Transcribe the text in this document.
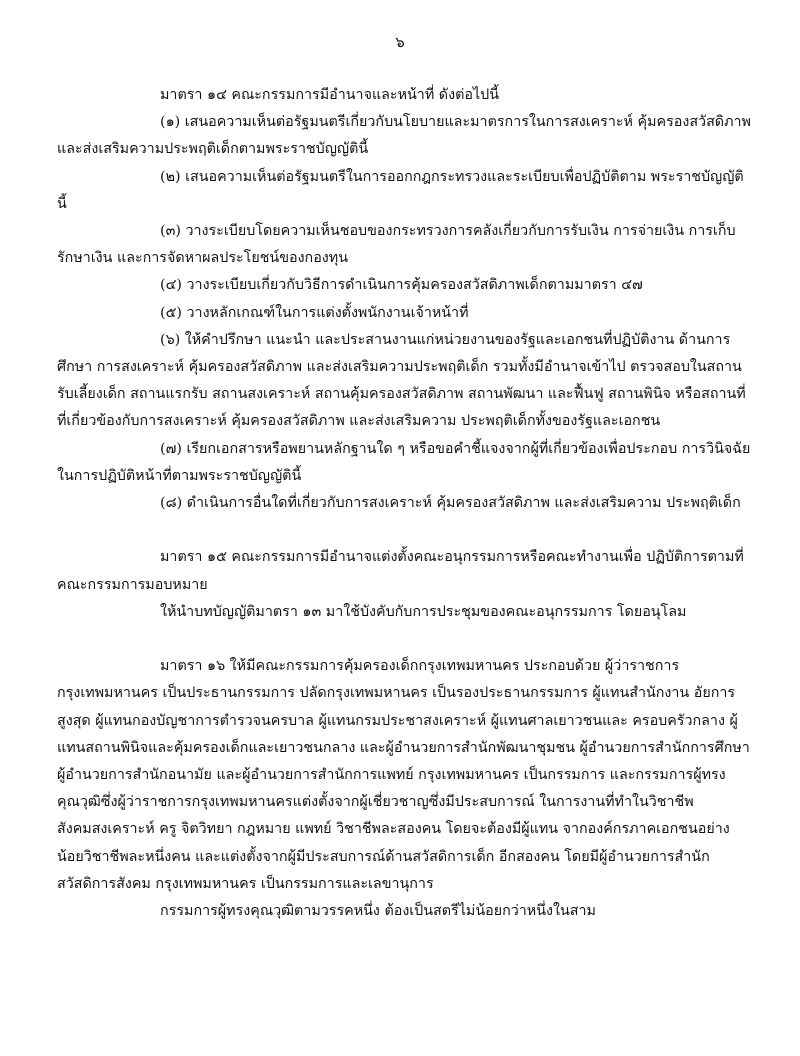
๖

มาตรา ๑๔ คณะกรรมการมีอำนาจและหน้าที่ ดังต่อไปนี้

(๑) เสนอความเห็นต่อรัฐมนตรีเกี่ยวกับนโยบายและมาตรการในการสงเคราะห์ คุ้มครองสวัสดิภาพ และส่งเสริมความประพฤติเด็กตามพระราชบัญญัตินี้

(๒) เสนอความเห็นต่อรัฐมนตรีในการออกกฎกระทรวงและระเบียบเพื่อปฏิบัติตาม พระราชบัญญัตินี้

(๓) วางระเบียบโดยความเห็นชอบของกระทรวงการคลังเกี่ยวกับการรับเงิน การจ่ายเงิน การเก็บรักษาเงิน และการจัดหาผลประโยชน์ของกองทุน

(๔) วางระเบียบเกี่ยวกับวิธีการดำเนินการคุ้มครองสวัสดิภาพเด็กตามมาตรา ๔๗

(๕) วางหลักเกณฑ์ในการแต่งตั้งพนักงานเจ้าหน้าที่

(๖) ให้คำปรึกษา แนะนำ และประสานงานแก่หน่วยงานของรัฐและเอกชนที่ปฏิบัติงาน ด้านการศึกษา การสงเคราะห์ คุ้มครองสวัสดิภาพ และส่งเสริมความประพฤติเด็ก รวมทั้งมีอำนาจเข้าไป ตรวจสอบในสถานรับเลี้ยงเด็ก สถานแรกรับ สถานสงเคราะห์ สถานคุ้มครองสวัสดิภาพ สถานพัฒนา และฟื้นฟู สถานพินิจ หรือสถานที่ที่เกี่ยวข้องกับการสงเคราะห์ คุ้มครองสวัสดิภาพ และส่งเสริมความ ประพฤติเด็กทั้งของรัฐและเอกชน

(๗) เรียกเอกสารหรือพยานหลักฐานใด ๆ หรือขอคำชี้แจงจากผู้ที่เกี่ยวข้องเพื่อประกอบ การวินิจฉัยในการปฏิบัติหน้าที่ตามพระราชบัญญัตินี้

(๘) ดำเนินการอื่นใดที่เกี่ยวกับการสงเคราะห์ คุ้มครองสวัสดิภาพ และส่งเสริมความ ประพฤติเด็ก

มาตรา ๑๕ คณะกรรมการมีอำนาจแต่งตั้งคณะอนุกรรมการหรือคณะทำงานเพื่อ ปฏิบัติการตามที่คณะกรรมการมอบหมาย

ให้นำบทบัญญัติมาตรา ๑๓ มาใช้บังคับกับการประชุมของคณะอนุกรรมการ โดยอนุโลม

มาตรา ๑๖ ให้มีคณะกรรมการคุ้มครองเด็กกรุงเทพมหานคร ประกอบด้วย ผู้ว่าราชการ กรุงเทพมหานคร เป็นประธานกรรมการ ปลัดกรุงเทพมหานคร เป็นรองประธานกรรมการ ผู้แทนสำนักงาน อัยการสูงสุด ผู้แทนกองบัญชาการตำรวจนครบาล ผู้แทนกรมประชาสงเคราะห์ ผู้แทนศาลเยาวชนและ ครอบครัวกลาง ผู้แทนสถานพินิจและคุ้มครองเด็กและเยาวชนกลาง และผู้อำนวยการสำนักพัฒนาชุมชน ผู้อำนวยการสำนักการศึกษา ผู้อำนวยการสำนักอนามัย และผู้อำนวยการสำนักการแพทย์ กรุงเทพมหานคร เป็นกรรมการ และกรรมการผู้ทรงคุณวุฒิซึ่งผู้ว่าราชการกรุงเทพมหานครแต่งตั้งจากผู้เชี่ยวชาญซึ่งมีประสบการณ์ ในการงานที่ทำในวิชาชีพสังคมสงเคราะห์ ครู จิตวิทยา กฎหมาย แพทย์ วิชาชีพละสองคน โดยจะต้องมีผู้แทน จากองค์กรภาคเอกชนอย่างน้อยวิชาชีพละหนึ่งคน และแต่งตั้งจากผู้มีประสบการณ์ด้านสวัสดิการเด็ก อีกสองคน โดยมีผู้อำนวยการสำนักสวัสดิการสังคม กรุงเทพมหานคร เป็นกรรมการและเลขานุการ

กรรมการผู้ทรงคุณวุฒิตามวรรคหนึ่ง ต้องเป็นสตรีไม่น้อยกว่าหนึ่งในสาม
